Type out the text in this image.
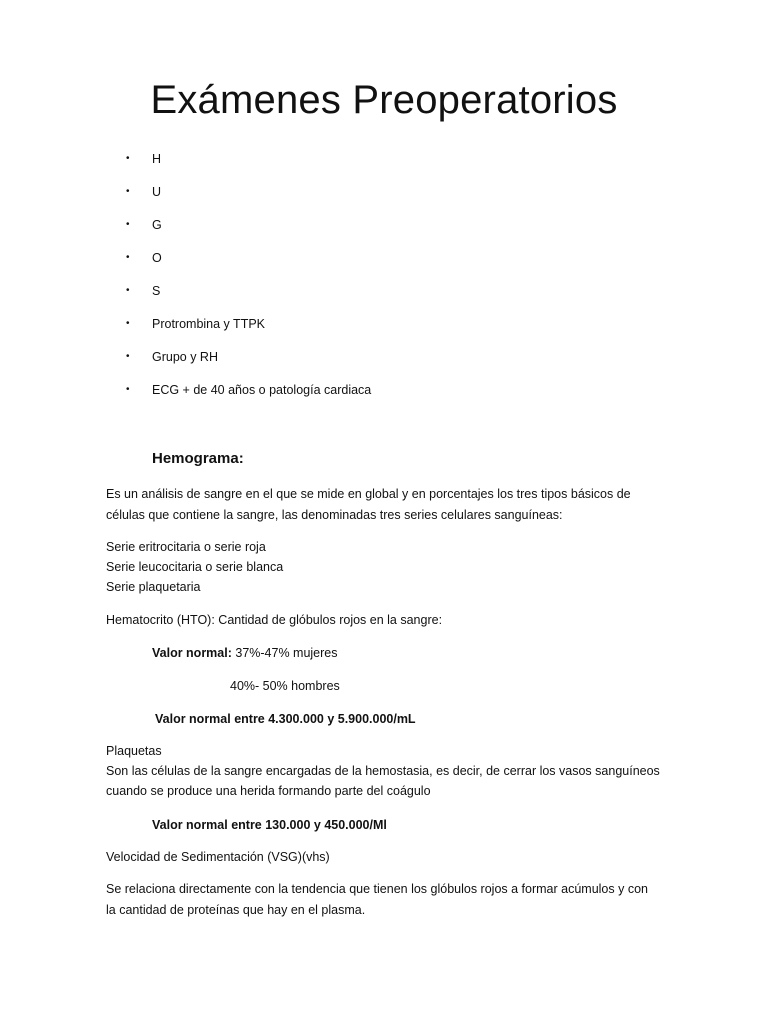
Exámenes Preoperatorios
•	H
•	U
•	G
•	O
•	S
•	Protrombina y TTPK
•	Grupo y RH
•	ECG + de 40 años o patología cardiaca
Hemograma:

Es un análisis de sangre en el que se mide en global y en porcentajes los tres tipos básicos de

células que contiene la sangre, las denominadas tres series celulares sanguíneas:

Serie eritrocitaria o serie roja

Serie leucocitaria o serie blanca

Serie plaquetaria

Hematocrito (HTO): Cantidad de glóbulos rojos en la sangre:

Valor normal: 37%-47% mujeres

40%- 50% hombres

Valor normal entre 4.300.000 y 5.900.000/mL

Plaquetas

Son las células de la sangre encargadas de la hemostasia, es decir, de cerrar los vasos sanguíneos

cuando se produce una herida formando parte del coágulo

Valor normal entre 130.000 y 450.000/Ml

Velocidad de Sedimentación (VSG)(vhs)

Se relaciona directamente con la tendencia que tienen los glóbulos rojos a formar acúmulos y con

la cantidad de proteínas que hay en el plasma.
